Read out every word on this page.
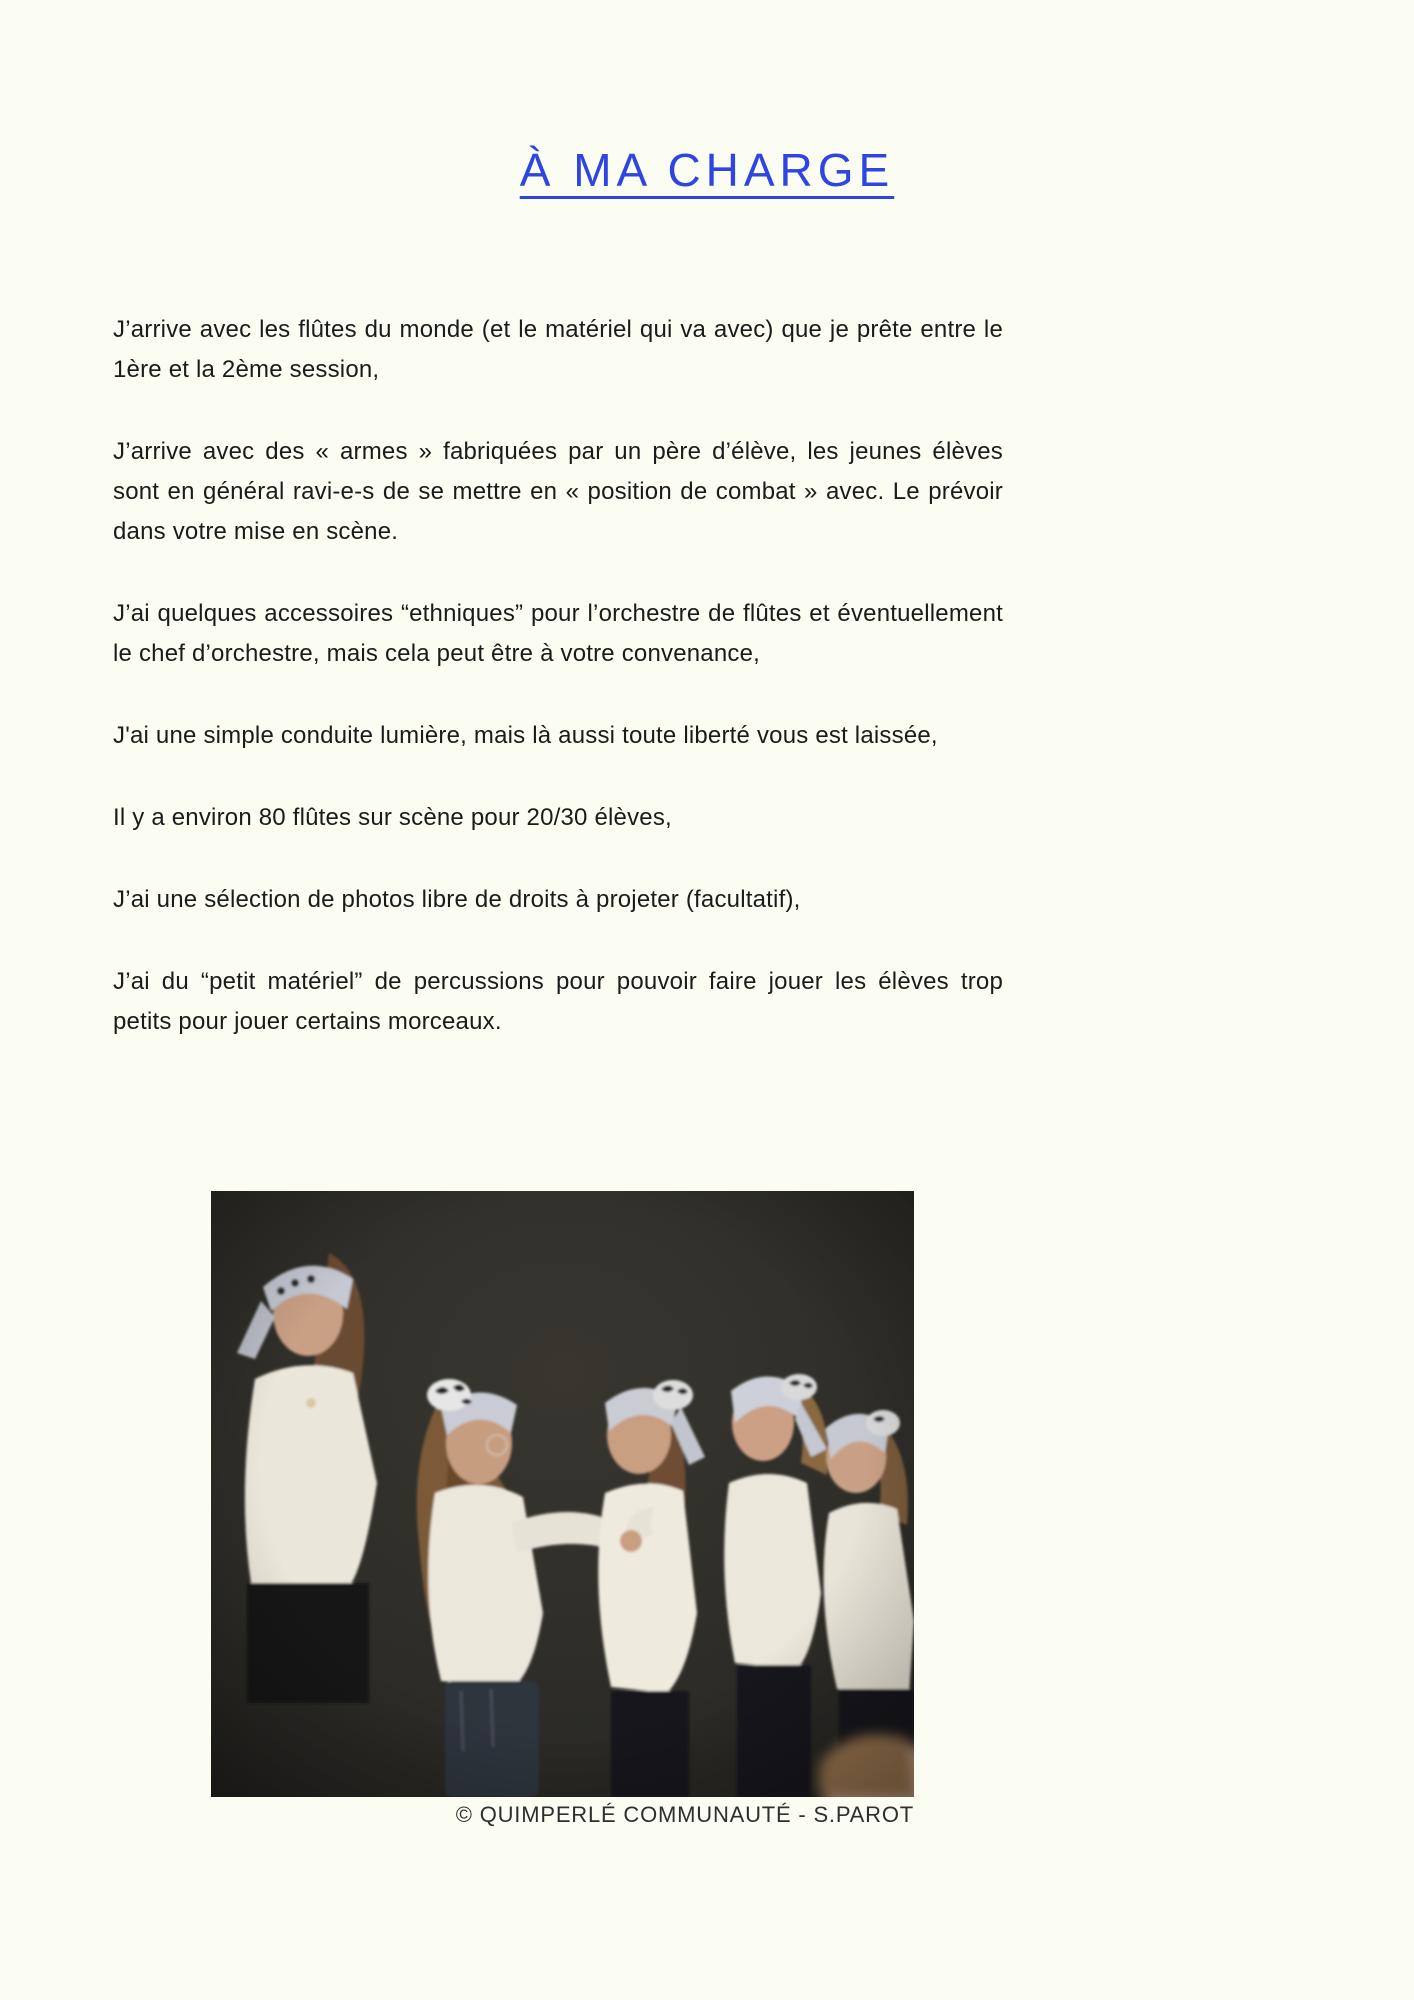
À MA CHARGE

J’arrive avec les flûtes du monde (et le matériel qui va avec) que je prête entre le 1ère et la 2ème session,

J’arrive avec des « armes » fabriquées par un père d’élève, les jeunes élèves sont en général ravi-e-s de se mettre en « position de combat » avec. Le prévoir dans votre mise en scène.

J’ai quelques accessoires “ethniques” pour l’orchestre de flûtes et éventuellement le chef d’orchestre, mais cela peut être à votre convenance,

J'ai une simple conduite lumière, mais là aussi toute liberté vous est laissée,

Il y a environ 80 flûtes sur scène pour 20/30 élèves,

J’ai une sélection de photos libre de droits à projeter (facultatif),

J’ai du “petit matériel” de percussions pour pouvoir faire jouer les élèves trop petits pour jouer certains morceaux.

© QUIMPERLÉ COMMUNAUTÉ - S.PAROT
